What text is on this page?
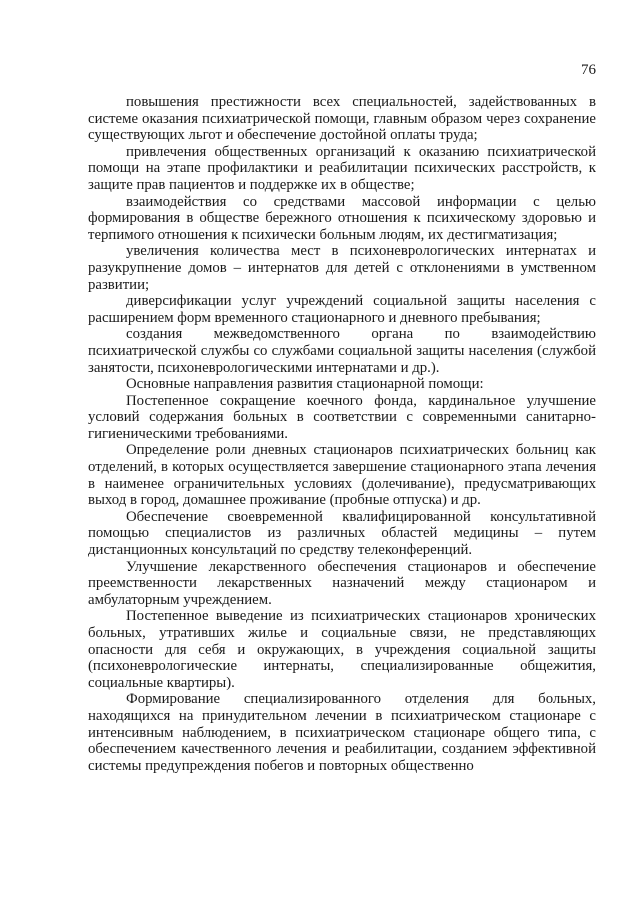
76

повышения престижности всех специальностей, задействованных в системе оказания психиатрической помощи, главным образом через сохранение существующих льгот и обеспечение достойной оплаты труда;

привлечения общественных организаций к оказанию психиатрической помощи на этапе профилактики и реабилитации психических расстройств, к защите прав пациентов и поддержке их в обществе;

взаимодействия со средствами массовой информации с целью формирования в обществе бережного отношения к психическому здоровью и терпимого отношения к психически больным людям, их дестигматизация;

увеличения количества мест в психоневрологических интернатах и разукрупнение домов – интернатов для детей с отклонениями в умственном развитии;

диверсификации услуг учреждений социальной защиты населения с расширением форм временного стационарного и дневного пребывания;

создания межведомственного органа по взаимодействию психиатрической службы со службами социальной защиты населения (службой занятости, психоневрологическими интернатами и др.).

Основные направления развития стационарной помощи:

Постепенное сокращение коечного фонда, кардинальное улучшение условий содержания больных в соответствии с современными санитарно-гигиеническими требованиями.

Определение роли дневных стационаров психиатрических больниц как отделений, в которых осуществляется завершение стационарного этапа лечения в наименее ограничительных условиях (долечивание), предусматривающих выход в город, домашнее проживание (пробные отпуска) и др.

Обеспечение своевременной квалифицированной консультативной помощью специалистов из различных областей медицины – путем дистанционных консультаций по средству телеконференций.

Улучшение лекарственного обеспечения стационаров и обеспечение преемственности лекарственных назначений между стационаром и амбулаторным учреждением.

Постепенное выведение из психиатрических стационаров хронических больных, утративших жилье и социальные связи, не представляющих опасности для себя и окружающих, в учреждения социальной защиты (психоневрологические интернаты, специализированные общежития, социальные квартиры).

Формирование специализированного отделения для больных, находящихся на принудительном лечении в психиатрическом стационаре с интенсивным наблюдением, в психиатрическом стационаре общего типа, с обеспечением качественного лечения и реабилитации, созданием эффективной системы предупреждения побегов и повторных общественно
